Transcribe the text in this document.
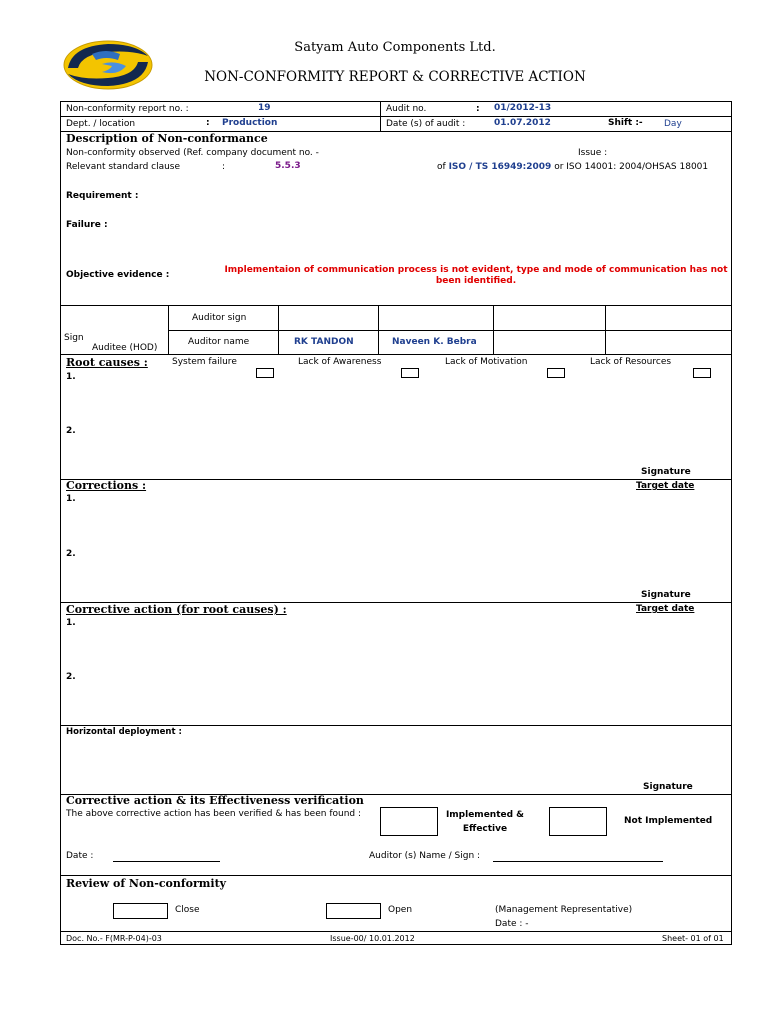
Satyam Auto Components Ltd.
NON-CONFORMITY REPORT & CORRECTIVE ACTION
Non-conformity report no. :	19	Audit no.	: 01/2012-13
Dept. / location	: Production	Date (s) of audit :	01.07.2012	Shift :- Day
Description of Non-conformance
Non-conformity observed (Ref. company document no. -	Issue :
Relevant standard clause	:	5.5.3	of ISO / TS 16949:2009 or ISO 14001: 2004/OHSAS 18001
Requirement :
Failure :
Objective evidence :	Implementaion of communication process is not evident, type and mode of communication has not been identified.
Auditor sign
Sign
Auditee (HOD)
Auditor name	RK TANDON	Naveen K. Bebra
Root causes :	System failure	Lack of Awareness	Lack of Motivation	Lack of Resources
1.
2.
Signature
Corrections :	Target date
1.
2.
Signature
Corrective action (for root causes) :	Target date
1.
2.
Horizontal deployment :
Signature
Corrective action & its Effectiveness verification
The above corrective action has been verified & has been found :	Implemented & Effective
Not Implemented
Date :	Auditor (s) Name / Sign :
Review of Non-conformity
Close	Open	(Management Representative)
Date : -
Doc. No.- F(MR-P-04)-03	Issue-00/ 10.01.2012	Sheet- 01 of 01
